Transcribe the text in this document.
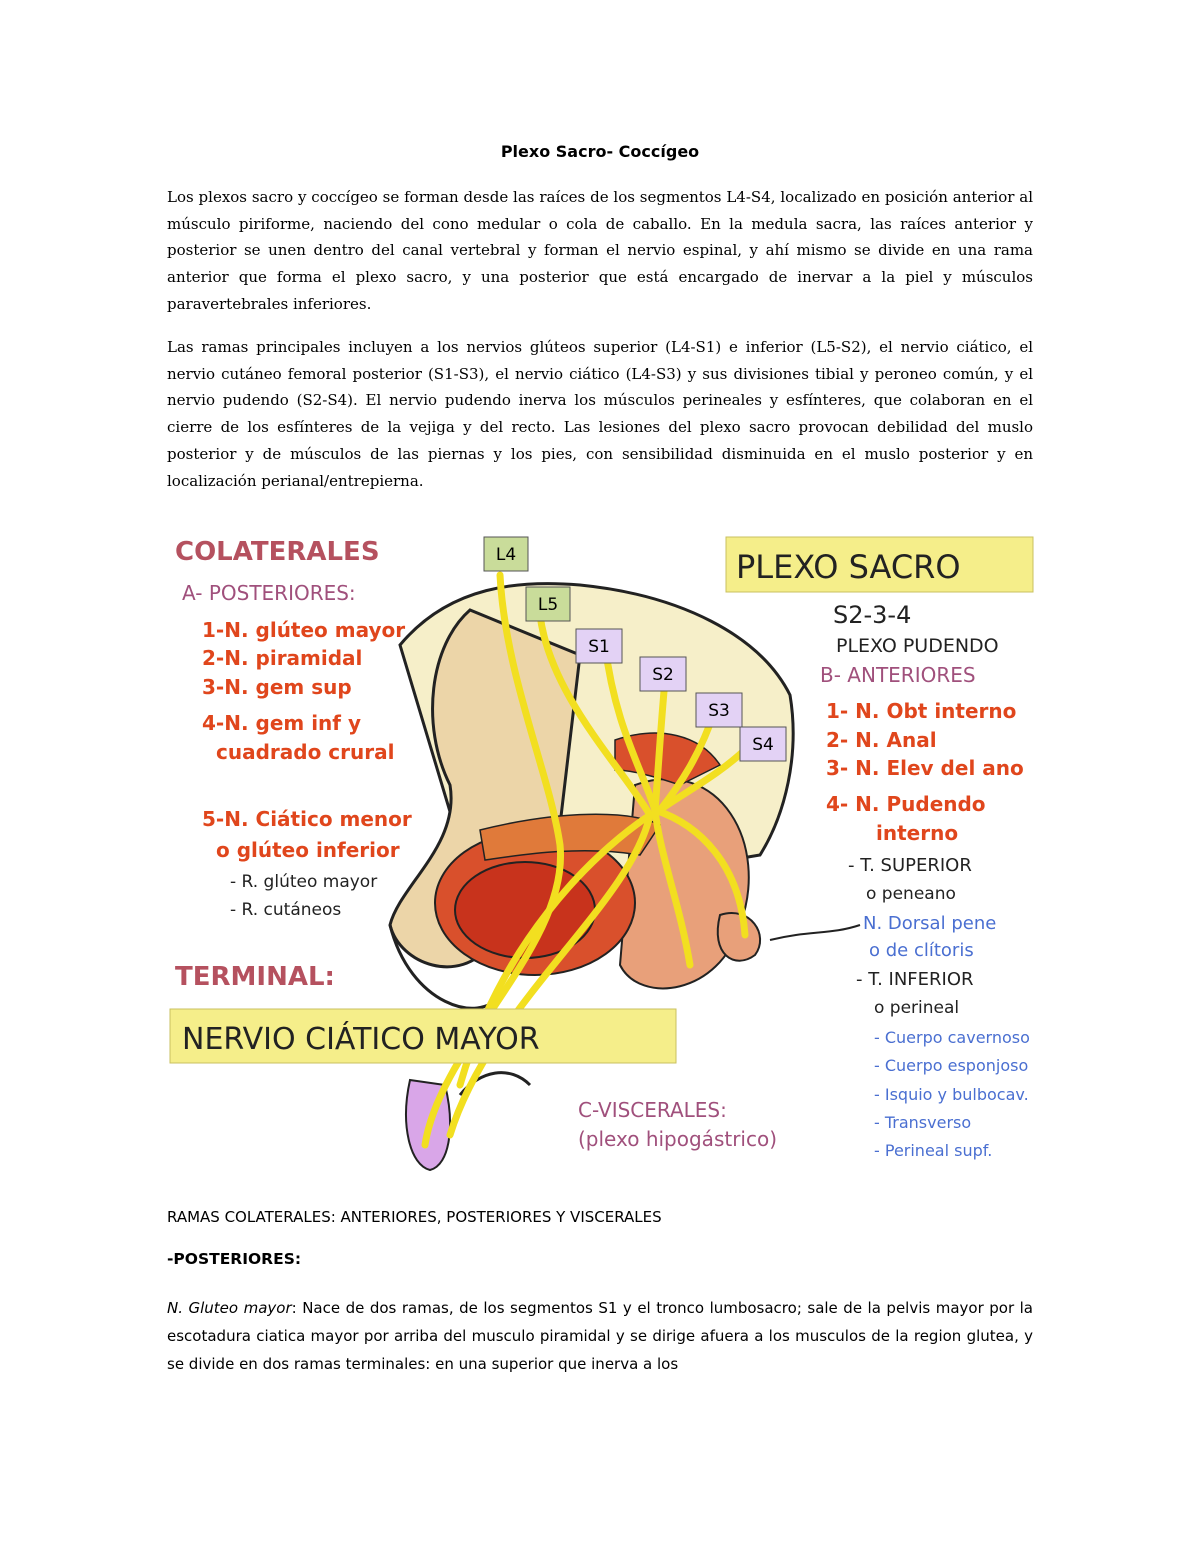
Plexo Sacro- Coccígeo

Los plexos sacro y coccígeo se forman desde las raíces de los segmentos L4-S4, localizado en posición anterior al músculo piriforme, naciendo del cono medular o cola de caballo. En la medula sacra, las raíces anterior y posterior se unen dentro del canal vertebral y forman el nervio espinal, y ahí mismo se divide en una rama anterior que forma el plexo sacro, y una posterior que está encargado de inervar a la piel y músculos paravertebrales inferiores.

Las ramas principales incluyen a los nervios glúteos superior (L4-S1) e inferior (L5-S2), el nervio ciático, el nervio cutáneo femoral posterior (S1-S3), el nervio ciático (L4-S3) y sus divisiones tibial y peroneo común, y el nervio pudendo (S2-S4). El nervio pudendo inerva los músculos perineales y esfínteres, que colaboran en el cierre de los esfínteres de la vejiga y del recto. Las lesiones del plexo sacro provocan debilidad del muslo posterior y de músculos de las piernas y los pies, con sensibilidad disminuida en el muslo posterior y en localización perianal/entrepierna.

L4
L5
S1
S2
S3
S4
COLATERALES
A- POSTERIORES:
1-N. glúteo mayor
2-N. piramidal
3-N. gem sup
4-N. gem inf y
cuadrado crural
5-N. Ciático menor
o glúteo inferior
- R. glúteo mayor
- R. cutáneos
TERMINAL:
NERVIO CIÁTICO MAYOR
C-VISCERALES:
(plexo hipogástrico)
PLEXO SACRO
S2-3-4
PLEXO PUDENDO
B- ANTERIORES
1- N. Obt interno
2- N. Anal
3- N. Elev del ano
4- N. Pudendo
interno
- T. SUPERIOR
o peneano
N. Dorsal pene
o de clítoris
- T. INFERIOR
o perineal
- Cuerpo cavernoso
- Cuerpo esponjoso
- Isquio y bulbocav.
- Transverso
- Perineal supf.
RAMAS COLATERALES: ANTERIORES, POSTERIORES Y VISCERALES
-POSTERIORES:

N. Gluteo mayor: Nace de dos ramas, de los segmentos S1 y el tronco lumbosacro; sale de la pelvis mayor por la escotadura ciatica mayor por arriba del musculo piramidal y se dirige afuera a los musculos de la region glutea, y se divide en dos ramas terminales: en una superior que inerva a los
